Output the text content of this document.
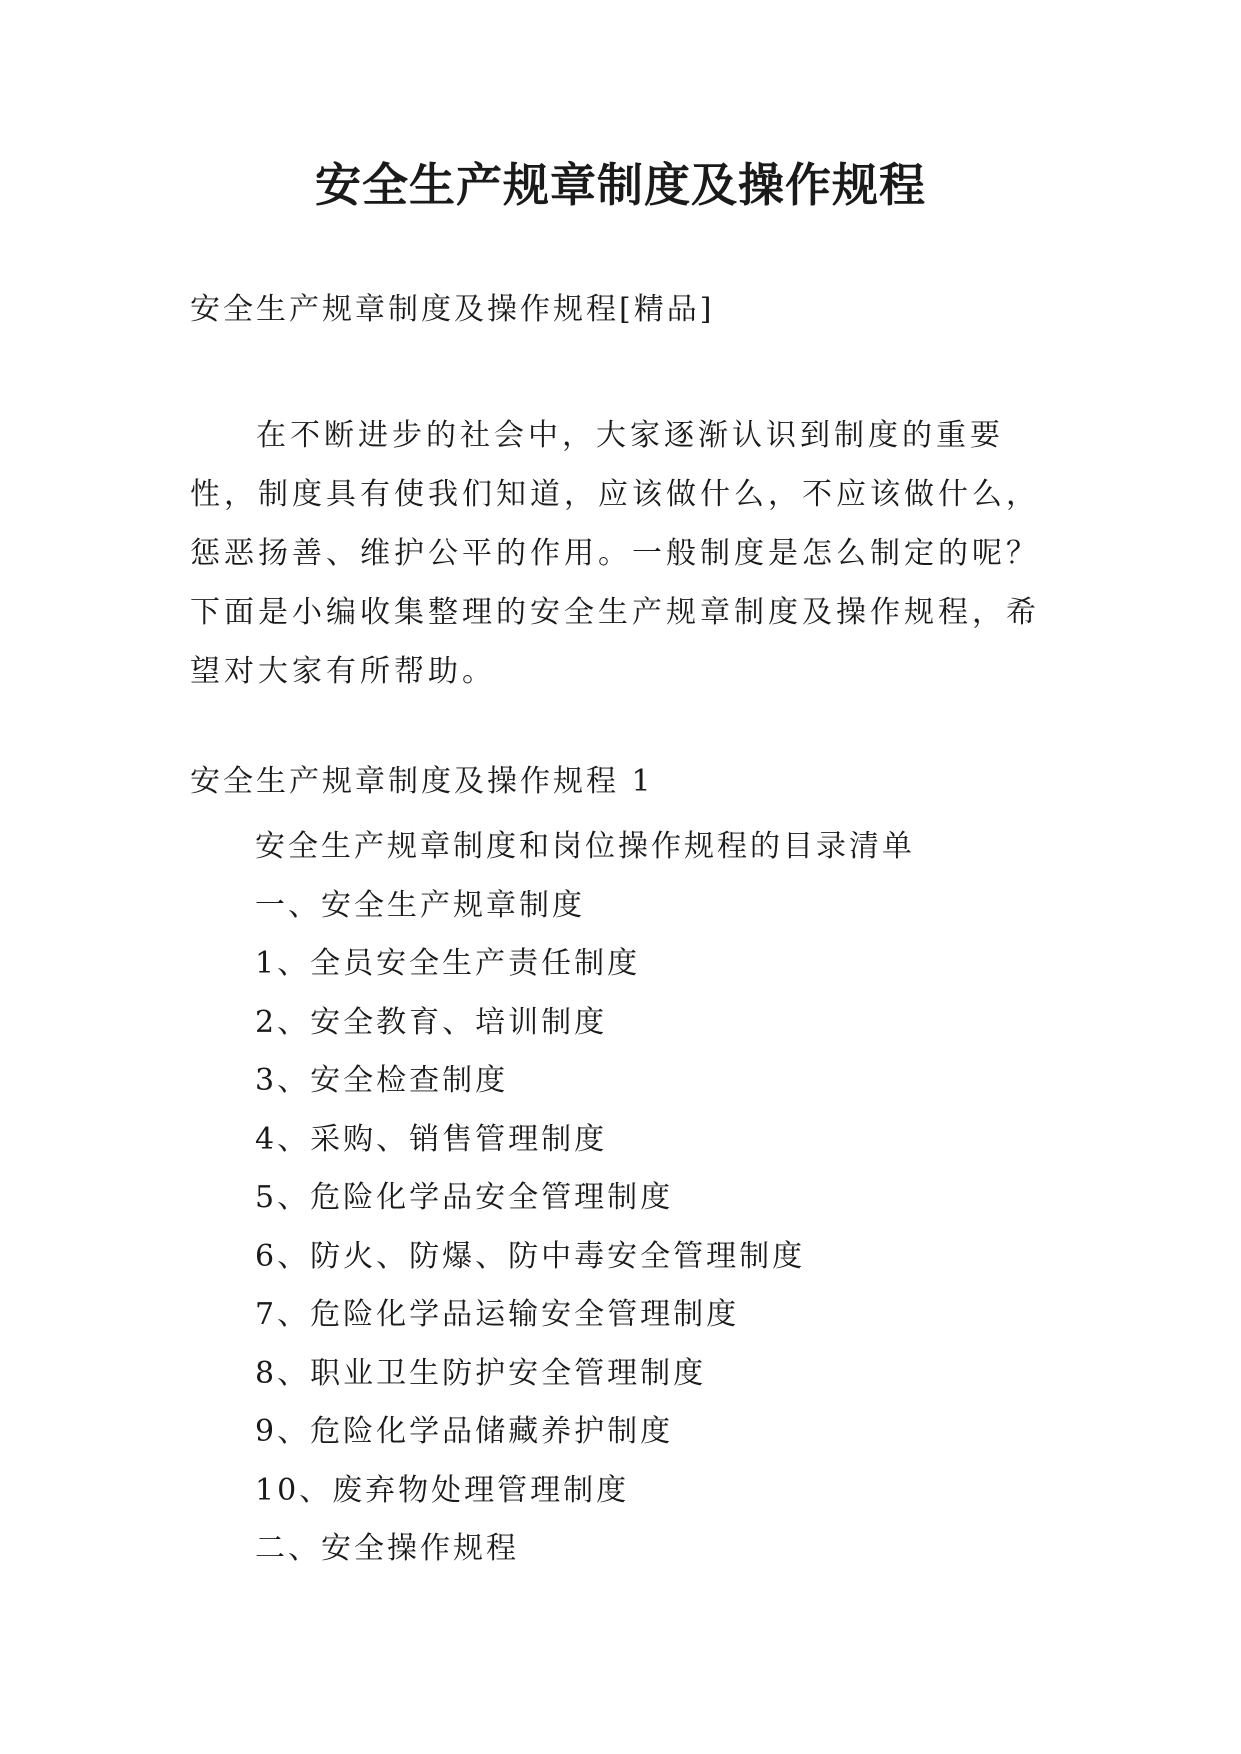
安全生产规章制度及操作规程
安全生产规章制度及操作规程[精品]

在不断进步的社会中，大家逐渐认识到制度的重要性，制度具有使我们知道，应该做什么，不应该做什么，惩恶扬善、维护公平的作用。一般制度是怎么制定的呢？下面是小编收集整理的安全生产规章制度及操作规程，希望对大家有所帮助。

安全生产规章制度及操作规程 1
安全生产规章制度和岗位操作规程的目录清单
一、安全生产规章制度
1、全员安全生产责任制度
2、安全教育、培训制度
3、安全检查制度
4、采购、销售管理制度
5、危险化学品安全管理制度
6、防火、防爆、防中毒安全管理制度
7、危险化学品运输安全管理制度
8、职业卫生防护安全管理制度
9、危险化学品储藏养护制度
10、废弃物处理管理制度
二、安全操作规程
